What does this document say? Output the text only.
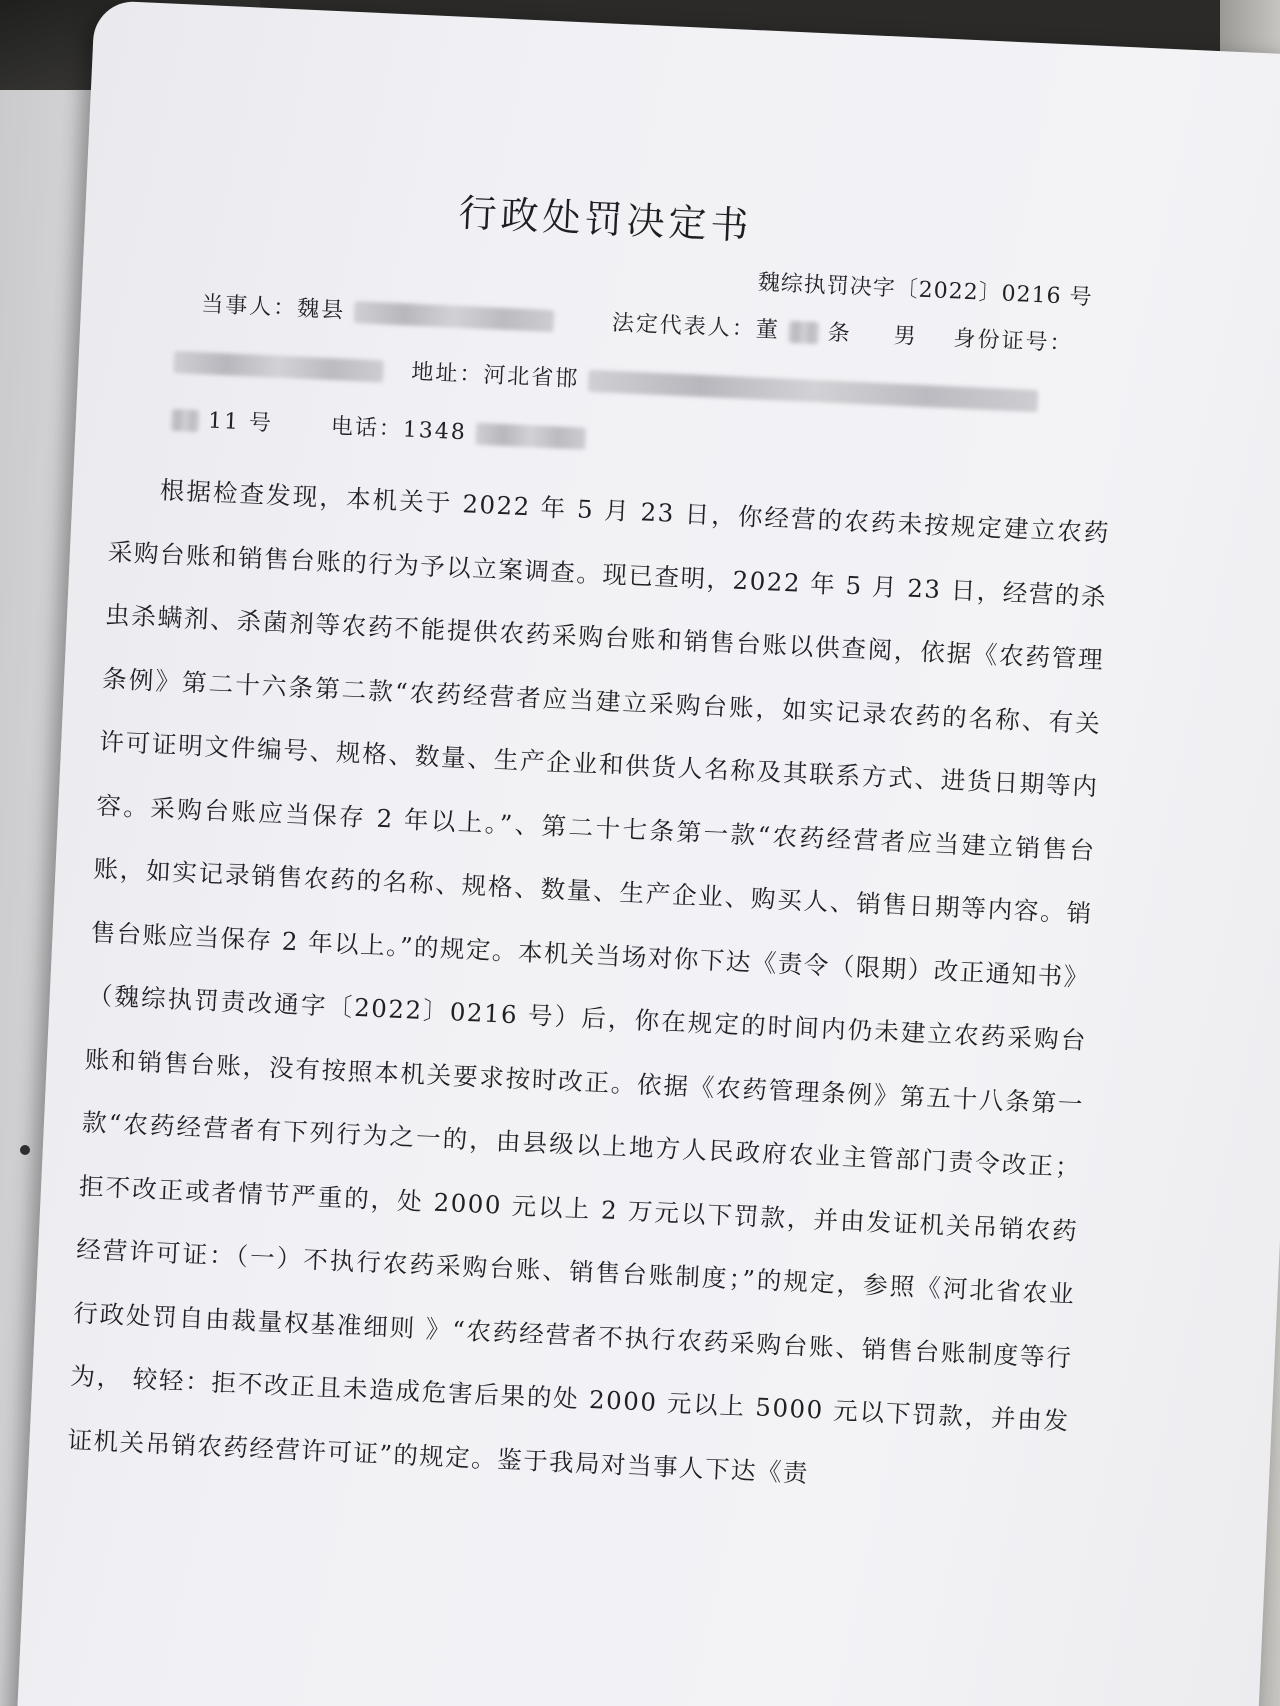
行政处罚决定书
魏综执罚决字〔2022〕0216 号
当事人：魏县   法定代表人：董 条 男 身份证号：
地址：河北省邯
11 号	电话：1348
根据检查发现，本机关于 2022 年 5 月 23 日，你经营的农药未按规定建立农药采购台账和销售台账的行为予以立案调查。现已查明，2022 年 5 月 23 日，经营的杀虫杀螨剂、杀菌剂等农药不能提供农药采购台账和销售台账以供查阅，依据《农药管理条例》第二十六条第二款“农药经营者应当建立采购台账，如实记录农药的名称、有关许可证明文件编号、规格、数量、生产企业和供货人名称及其联系方式、进货日期等内容。采购台账应当保存 2 年以上。”、第二十七条第一款“农药经营者应当建立销售台账，如实记录销售农药的名称、规格、数量、生产企业、购买人、销售日期等内容。销售台账应当保存 2 年以上。”的规定。本机关当场对你下达《责令（限期）改正通知书》（魏综执罚责改通字〔2022〕0216 号）后，你在规定的时间内仍未建立农药采购台账和销售台账，没有按照本机关要求按时改正。依据《农药管理条例》第五十八条第一款“农药经营者有下列行为之一的，由县级以上地方人民政府农业主管部门责令改正；拒不改正或者情节严重的，处 2000 元以上 2 万元以下罚款，并由发证机关吊销农药经营许可证：（一）不执行农药采购台账、销售台账制度；”的规定，参照《河北省农业行政处罚自由裁量权基准细则 》“农药经营者不执行农药采购台账、销售台账制度等行为， 较轻：拒不改正且未造成危害后果的处 2000 元以上 5000 元以下罚款，并由发证机关吊销农药经营许可证”的规定。鉴于我局对当事人下达《责
